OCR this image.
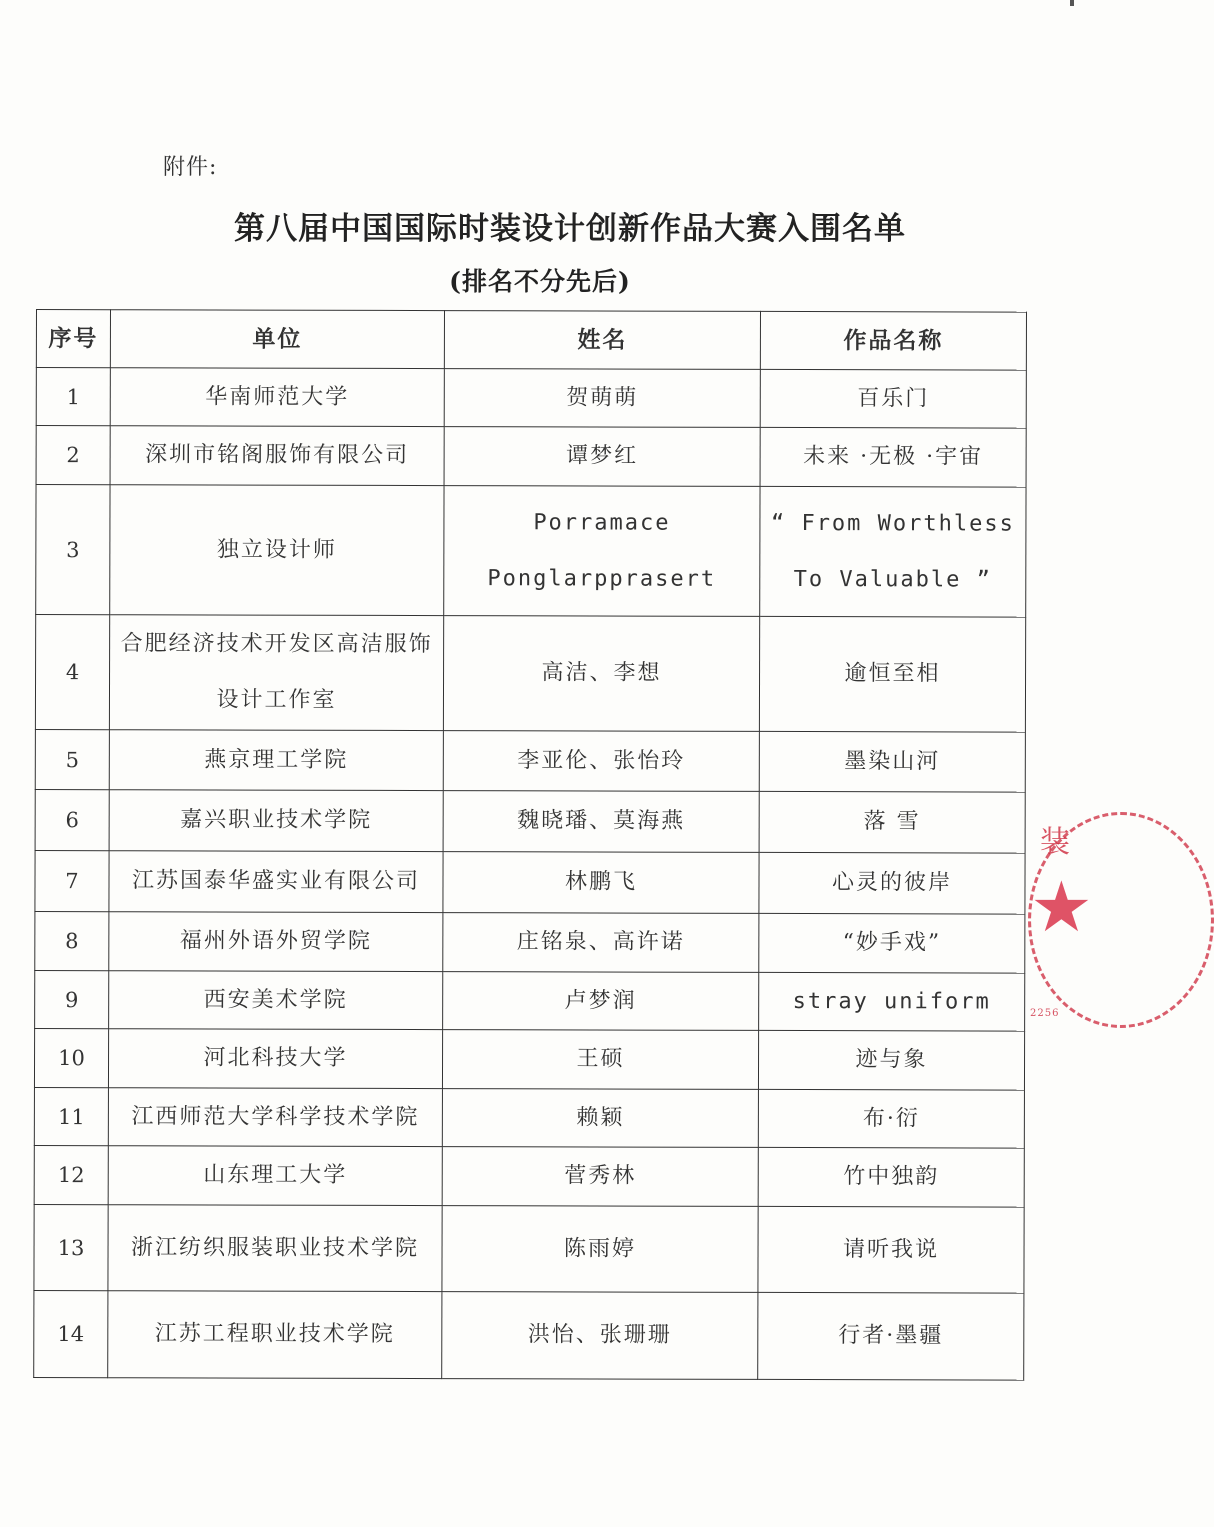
附件:
第八届中国国际时装设计创新作品大赛入围名单
(排名不分先后)
序号	单位	姓名	作品名称
1	华南师范大学	贺萌萌	百乐门
2	深圳市铭阁服饰有限公司	谭梦红	未来 ·无极 ·宇宙
3	独立设计师	Porramace Ponglarpprasert	“ From Worthless To Valuable ”
4	合肥经济技术开发区高洁服饰设计工作室	高洁、李想	逾恒至相
5	燕京理工学院	李亚伦、张怡玲	墨染山河
6	嘉兴职业技术学院	魏晓璠、莫海燕	落 雪
7	江苏国泰华盛实业有限公司	林鹏飞	心灵的彼岸
8	福州外语外贸学院	庄铭泉、高许诺	“妙手戏”
9	西安美术学院	卢梦润	stray uniform
10	河北科技大学	王硕	迹与象
11	江西师范大学科学技术学院	赖颖	布·衍
12	山东理工大学	菅秀林	竹中独韵
13	浙江纺织服装职业技术学院	陈雨婷	请听我说
14	江苏工程职业技术学院	洪怡、张珊珊	行者·墨疆
装
★
2256
